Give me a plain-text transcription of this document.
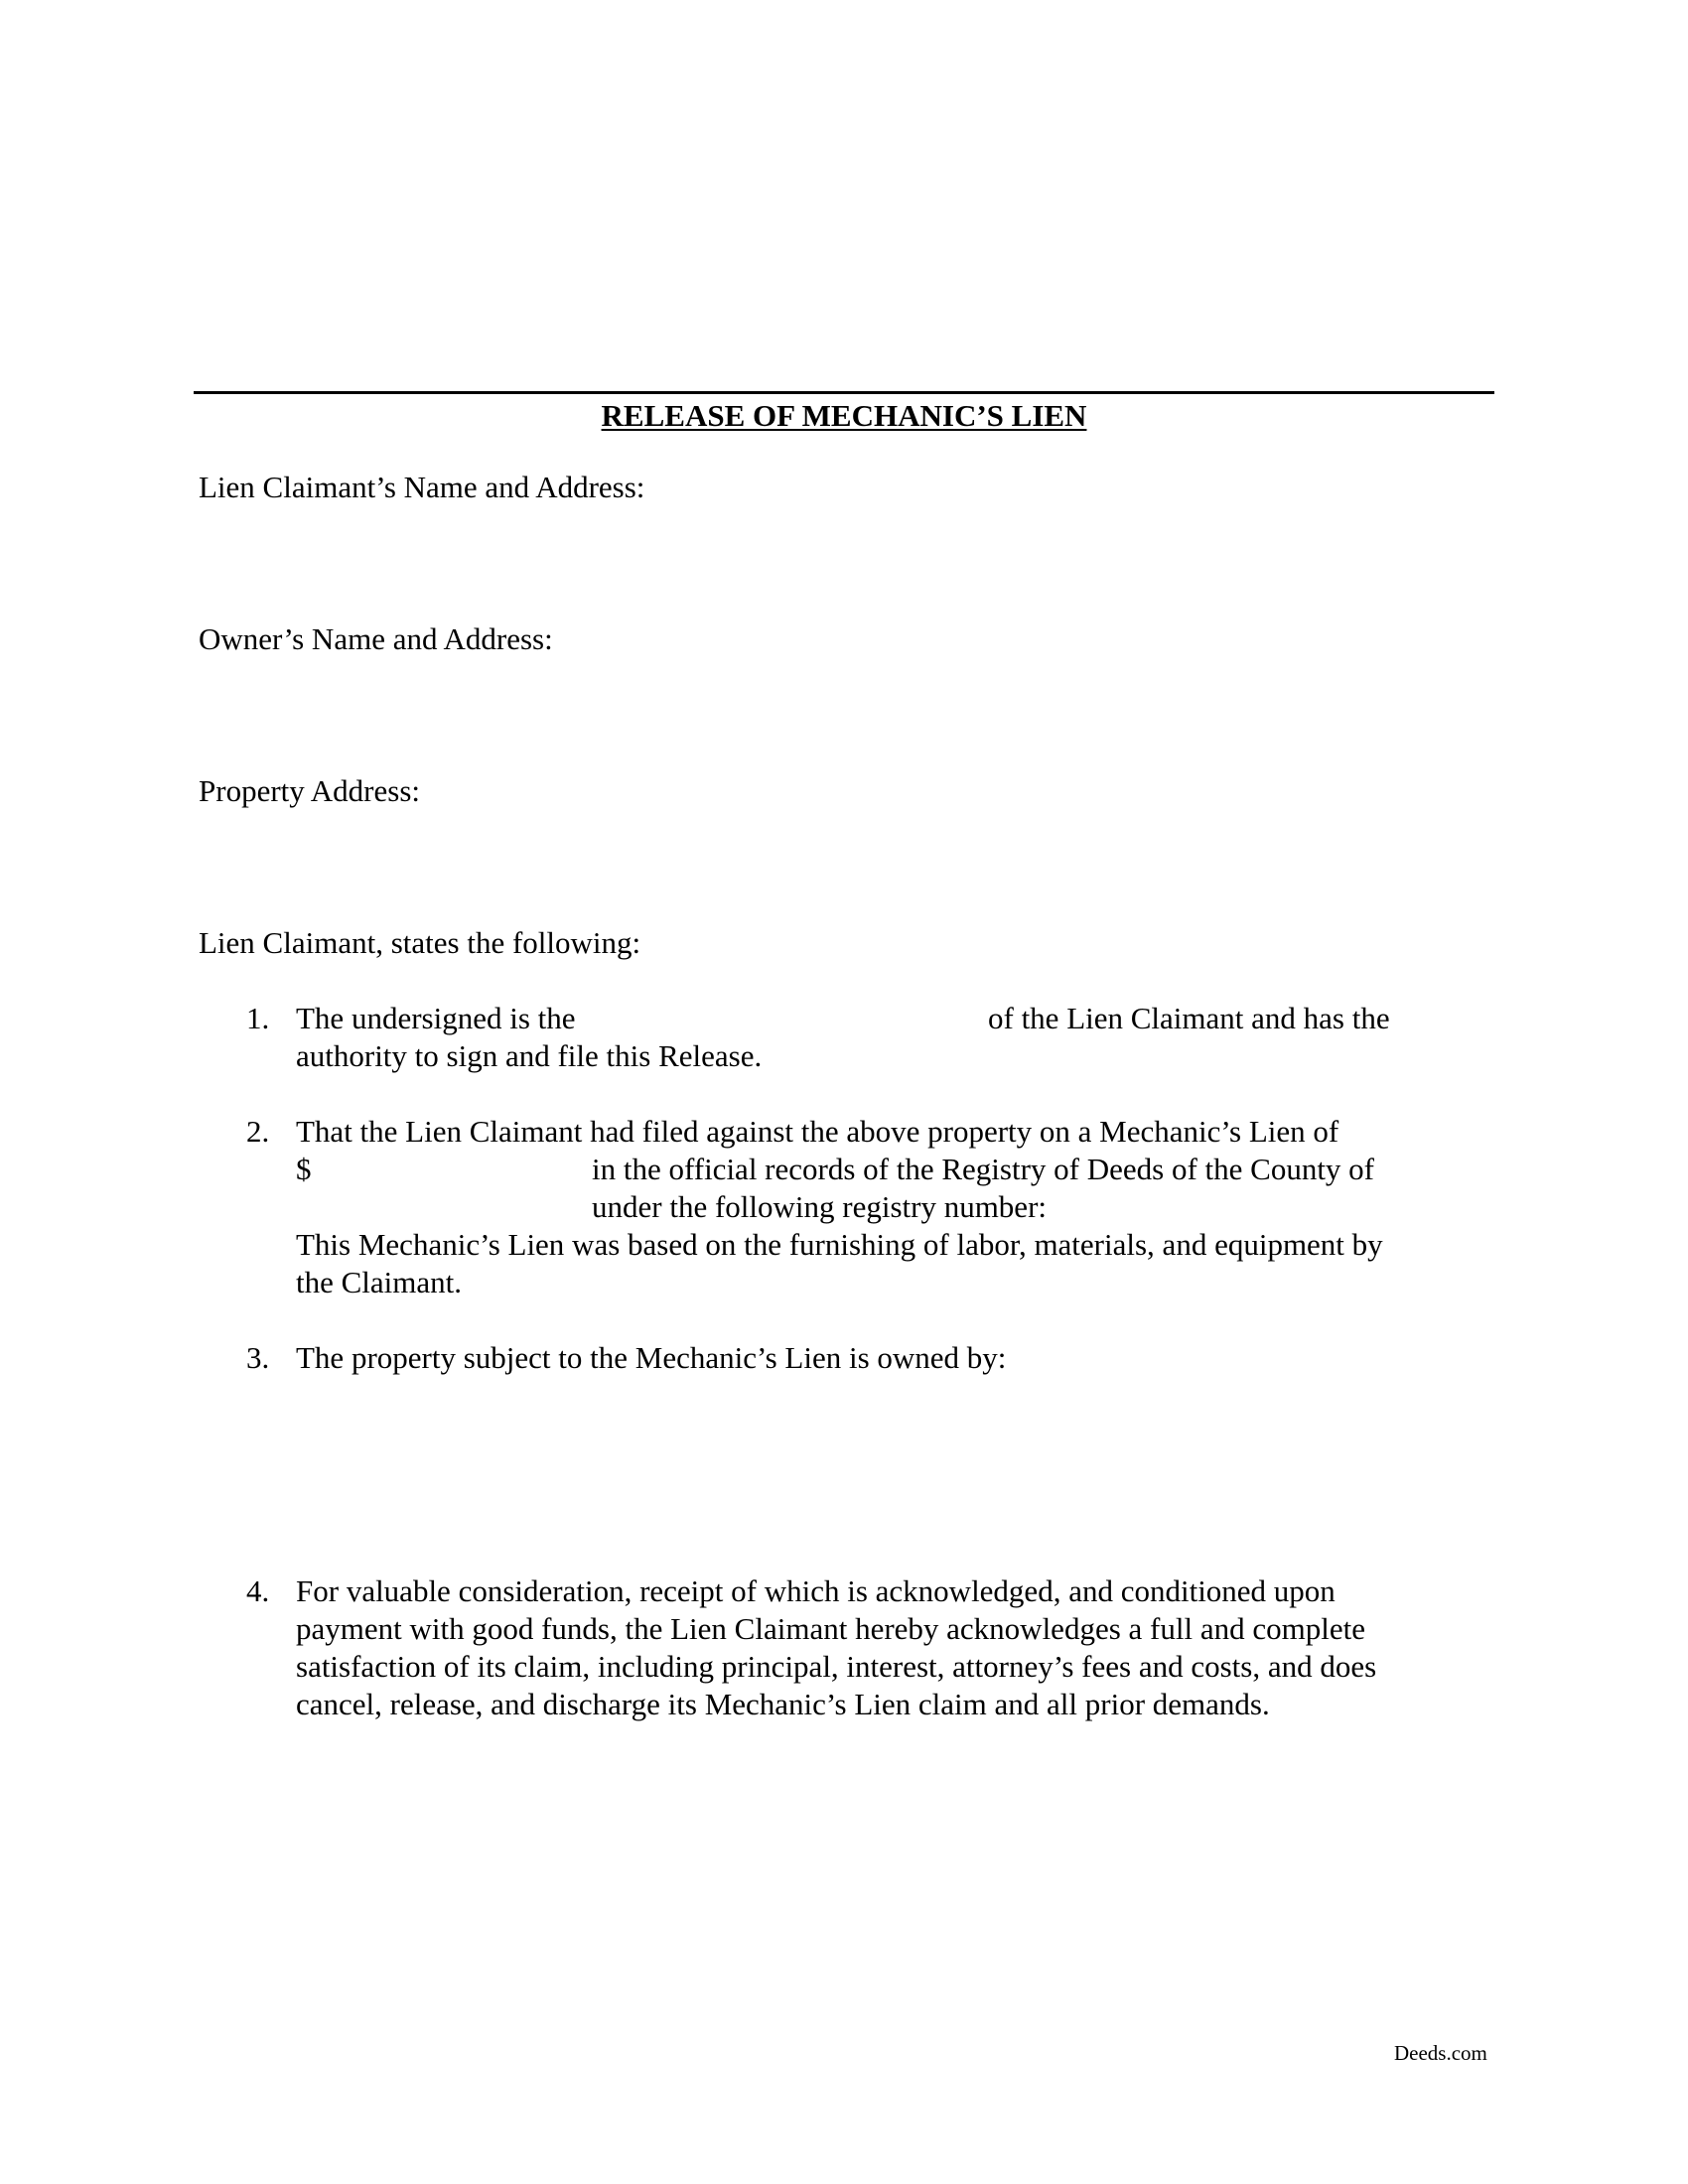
RELEASE OF MECHANIC’S LIEN
Lien Claimant’s Name and Address:
Owner’s Name and Address:
Property Address:
Lien Claimant, states the following:
1. The undersigned is the	of the Lien Claimant and has the
authority to sign and file this Release.
2. That the Lien Claimant had filed against the above property on a Mechanic’s Lien of
$	in the official records of the Registry of Deeds of the County of
under the following registry number:
This Mechanic’s Lien was based on the furnishing of labor, materials, and equipment by
the Claimant.
3. The property subject to the Mechanic’s Lien is owned by:
4. For valuable consideration, receipt of which is acknowledged, and conditioned upon
payment with good funds, the Lien Claimant hereby acknowledges a full and complete
satisfaction of its claim, including principal, interest, attorney’s fees and costs, and does
cancel, release, and discharge its Mechanic’s Lien claim and all prior demands.
Deeds.com
